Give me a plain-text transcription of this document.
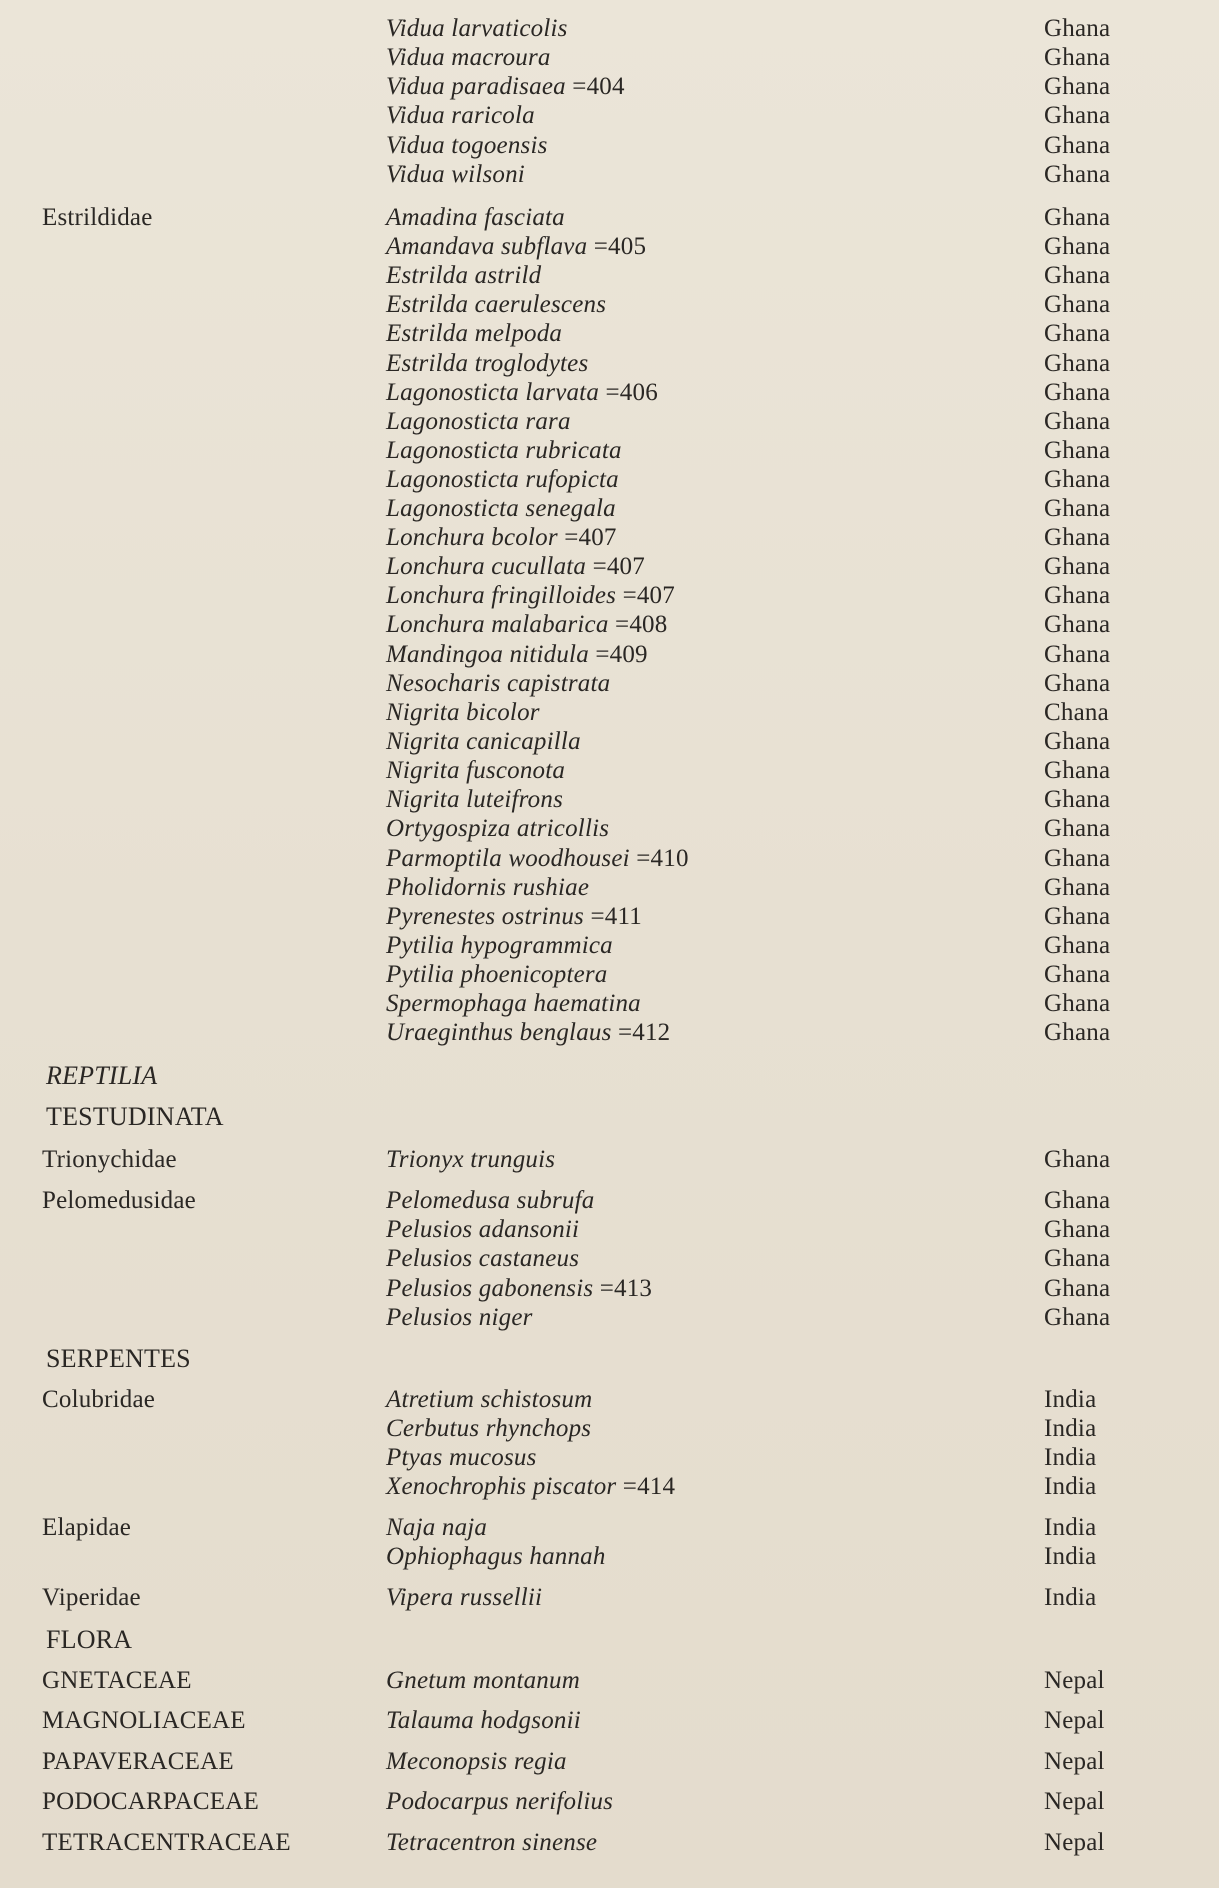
Vidua larvaticolis	Ghana
Vidua macroura	Ghana
Vidua paradisaea =404	Ghana
Vidua raricola	Ghana
Vidua togoensis	Ghana
Vidua wilsoni	Ghana
Estrildidae	Amadina fasciata	Ghana
Amandava subflava =405	Ghana
Estrilda astrild	Ghana
Estrilda caerulescens	Ghana
Estrilda melpoda	Ghana
Estrilda troglodytes	Ghana
Lagonosticta larvata =406	Ghana
Lagonosticta rara	Ghana
Lagonosticta rubricata	Ghana
Lagonosticta rufopicta	Ghana
Lagonosticta senegala	Ghana
Lonchura bcolor =407	Ghana
Lonchura cucullata =407	Ghana
Lonchura fringilloides =407	Ghana
Lonchura malabarica =408	Ghana
Mandingoa nitidula =409	Ghana
Nesocharis capistrata	Ghana
Nigrita bicolor	Chana
Nigrita canicapilla	Ghana
Nigrita fusconota	Ghana
Nigrita luteifrons	Ghana
Ortygospiza atricollis	Ghana
Parmoptila woodhousei =410	Ghana
Pholidornis rushiae	Ghana
Pyrenestes ostrinus =411	Ghana
Pytilia hypogrammica	Ghana
Pytilia phoenicoptera	Ghana
Spermophaga haematina	Ghana
Uraeginthus benglaus =412	Ghana
REPTILIA
TESTUDINATA
Trionychidae	Trionyx trunguis	Ghana
Pelomedusidae	Pelomedusa subrufa	Ghana
Pelusios adansonii	Ghana
Pelusios castaneus	Ghana
Pelusios gabonensis =413	Ghana
Pelusios niger	Ghana
SERPENTES
Colubridae	Atretium schistosum	India
Cerbutus rhynchops	India
Ptyas mucosus	India
Xenochrophis piscator =414	India
Elapidae	Naja naja	India
Ophiophagus hannah	India
Viperidae	Vipera russellii	India
FLORA
GNETACEAE	Gnetum montanum	Nepal
MAGNOLIACEAE	Talauma hodgsonii	Nepal
PAPAVERACEAE	Meconopsis regia	Nepal
PODOCARPACEAE	Podocarpus nerifolius	Nepal
TETRACENTRACEAE	Tetracentron sinense	Nepal
